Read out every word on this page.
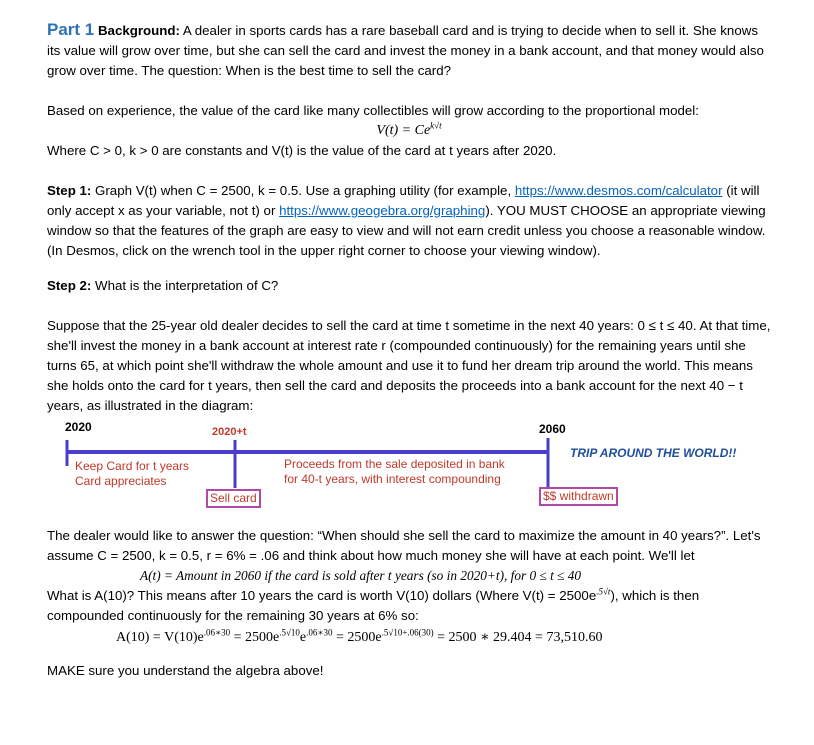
Part 1 Background: A dealer in sports cards has a rare baseball card and is trying to decide when to sell it. She knows its value will grow over time, but she can sell the card and invest the money in a bank account, and that money would also grow over time. The question: When is the best time to sell the card?

Based on experience, the value of the card like many collectibles will grow according to the proportional model:

$V(t) = Ce^{k√t}$

Where C > 0, k > 0 are constants and V(t) is the value of the card at t years after 2020.

Step 1: Graph V(t) when C = 2500, k = 0.5. Use a graphing utility (for example, https://www.desmos.com/calculator (it will only accept x as your variable, not t) or https://www.geogebra.org/graphing). YOU MUST CHOOSE an appropriate viewing window so that the features of the graph are easy to view and will not earn credit unless you choose a reasonable window. (In Desmos, click on the wrench tool in the upper right corner to choose your viewing window).

Step 2: What is the interpretation of C?

Suppose that the 25-year old dealer decides to sell the card at time t sometime in the next 40 years: 0 ≤ t ≤ 40. At that time, she'll invest the money in a bank account at interest rate r (compounded continuously) for the remaining years until she turns 65, at which point she'll withdraw the whole amount and use it to fund her dream trip around the world. This means she holds onto the card for t years, then sell the card and deposits the proceeds into a bank account for the next 40 − t years, as illustrated in the diagram:

2020	2020+t	2060
TRIP AROUND THE WORLD!!
Keep Card for t years
Card appreciates
Proceeds from the sale deposited in bank
for 40-t years, with interest compounding
Sell card	$$ withdrawn

The dealer would like to answer the question: “When should she sell the card to maximize the amount in 40 years?”. Let's assume C = 2500, k = 0.5, r = 6% = .06 and think about how much money she will have at each point. We'll let

A(t) = Amount in 2060 if the card is sold after t years (so in 2020+t), for 0 ≤ t ≤ 40

What is A(10)? This means after 10 years the card is worth V(10) dollars (Where $V(t) = 2500e^{.5√t}$), which is then compounded continuously for the remaining 30 years at 6% so:

$A(10) = V(10)e^{.06∗30} = 2500e^{.5√10}e^{.06∗30} = 2500e^{.5√10+.06(30)} = 2500$ ∗ 29.404 = 73,510.60

MAKE sure you understand the algebra above!
